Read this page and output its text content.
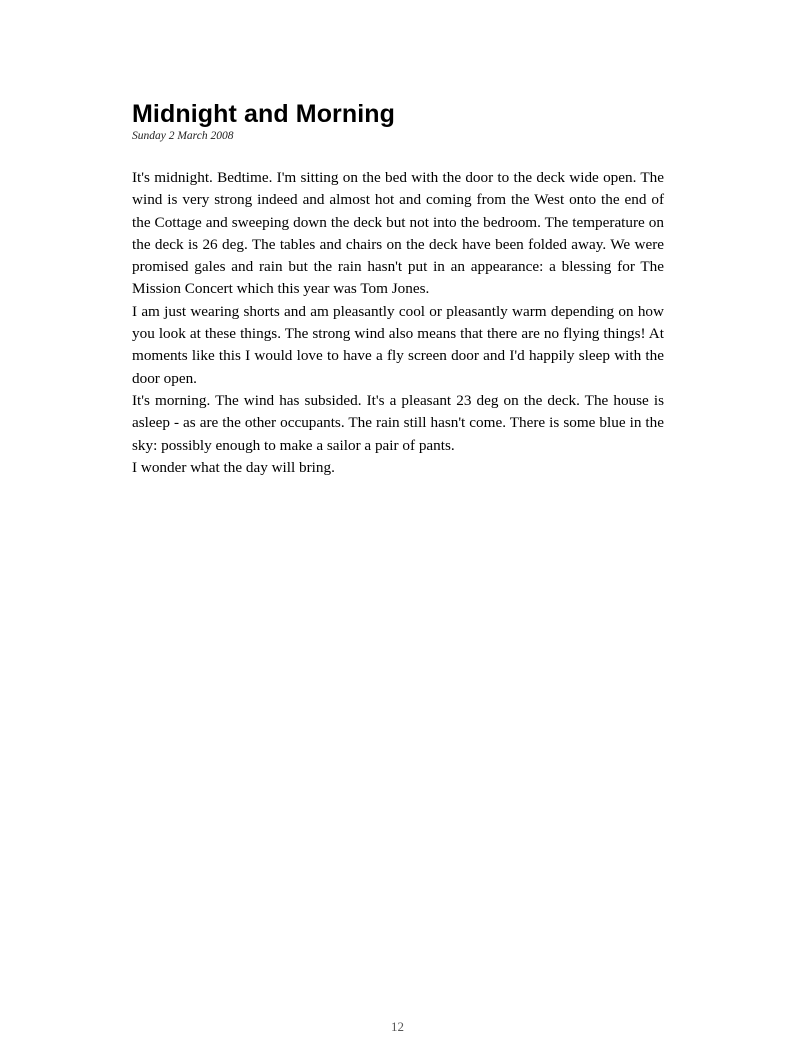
Midnight and Morning
Sunday 2 March 2008

It's midnight. Bedtime. I'm sitting on the bed with the door to the deck wide open. The wind is very strong indeed and almost hot and coming from the West onto the end of the Cottage and sweeping down the deck but not into the bedroom. The temperature on the deck is 26 deg. The tables and chairs on the deck have been folded away. We were promised gales and rain but the rain hasn't put in an appearance: a blessing for The Mission Concert which this year was Tom Jones.

I am just wearing shorts and am pleasantly cool or pleasantly warm depending on how you look at these things. The strong wind also means that there are no flying things! At moments like this I would love to have a fly screen door and I'd happily sleep with the door open.

It's morning. The wind has subsided. It's a pleasant 23 deg on the deck. The house is asleep - as are the other occupants. The rain still hasn't come. There is some blue in the sky: possibly enough to make a sailor a pair of pants.

I wonder what the day will bring.

12
